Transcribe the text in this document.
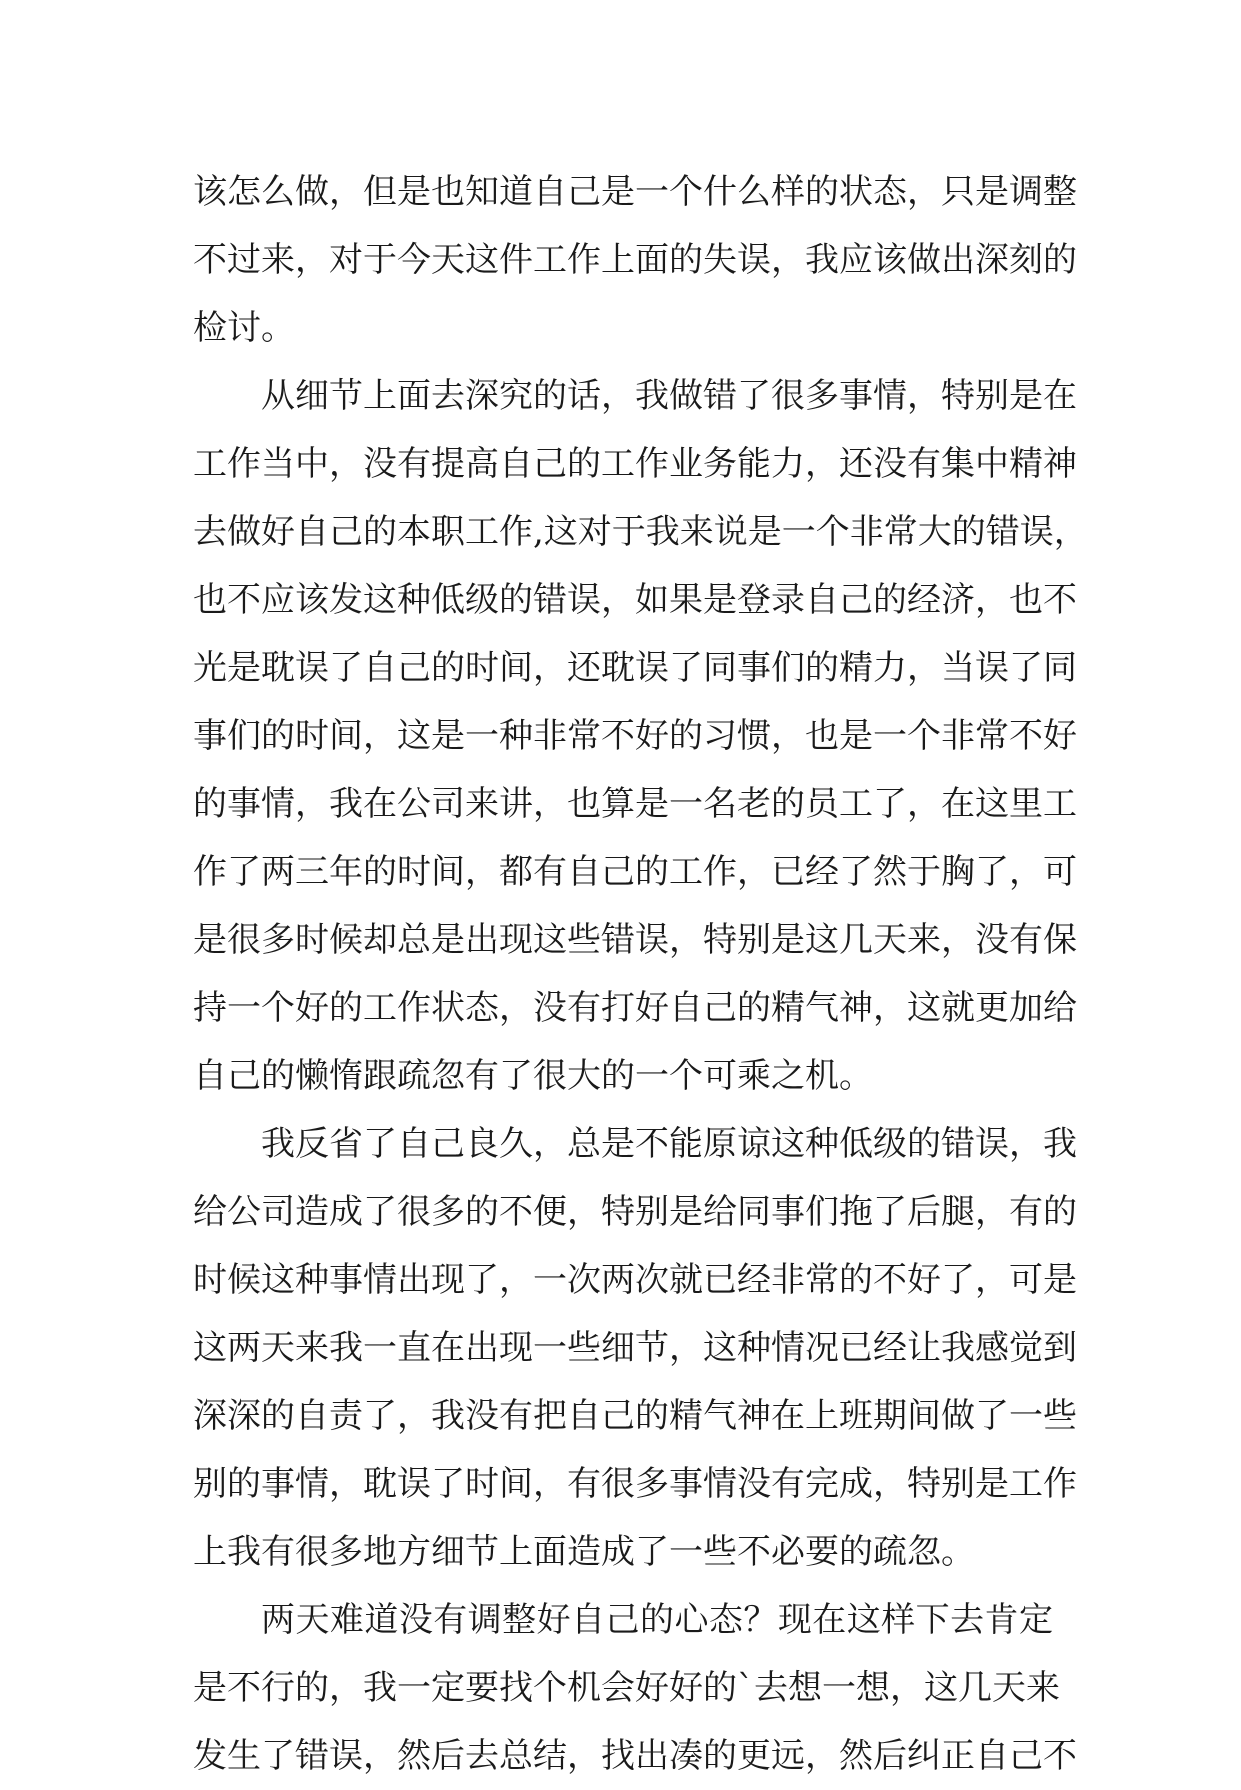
该怎么做，但是也知道自己是一个什么样的状态，只是调整
不过来，对于今天这件工作上面的失误，我应该做出深刻的
检讨。
从细节上面去深究的话，我做错了很多事情，特别是在
工作当中，没有提高自己的工作业务能力，还没有集中精神
去做好自己的本职工作,这对于我来说是一个非常大的错误，
也不应该发这种低级的错误，如果是登录自己的经济，也不
光是耽误了自己的时间，还耽误了同事们的精力，当误了同
事们的时间，这是一种非常不好的习惯，也是一个非常不好
的事情，我在公司来讲，也算是一名老的员工了，在这里工
作了两三年的时间，都有自己的工作，已经了然于胸了，可
是很多时候却总是出现这些错误，特别是这几天来，没有保
持一个好的工作状态，没有打好自己的精气神，这就更加给
自己的懒惰跟疏忽有了很大的一个可乘之机。
我反省了自己良久，总是不能原谅这种低级的错误，我
给公司造成了很多的不便，特别是给同事们拖了后腿，有的
时候这种事情出现了，一次两次就已经非常的不好了，可是
这两天来我一直在出现一些细节，这种情况已经让我感觉到
深深的自责了，我没有把自己的精气神在上班期间做了一些
别的事情，耽误了时间，有很多事情没有完成，特别是工作
上我有很多地方细节上面造成了一些不必要的疏忽。
两天难道没有调整好自己的心态？现在这样下去肯定
是不行的，我一定要找个机会好好的`去想一想，这几天来
发生了错误，然后去总结，找出凑的更远，然后纠正自己不
